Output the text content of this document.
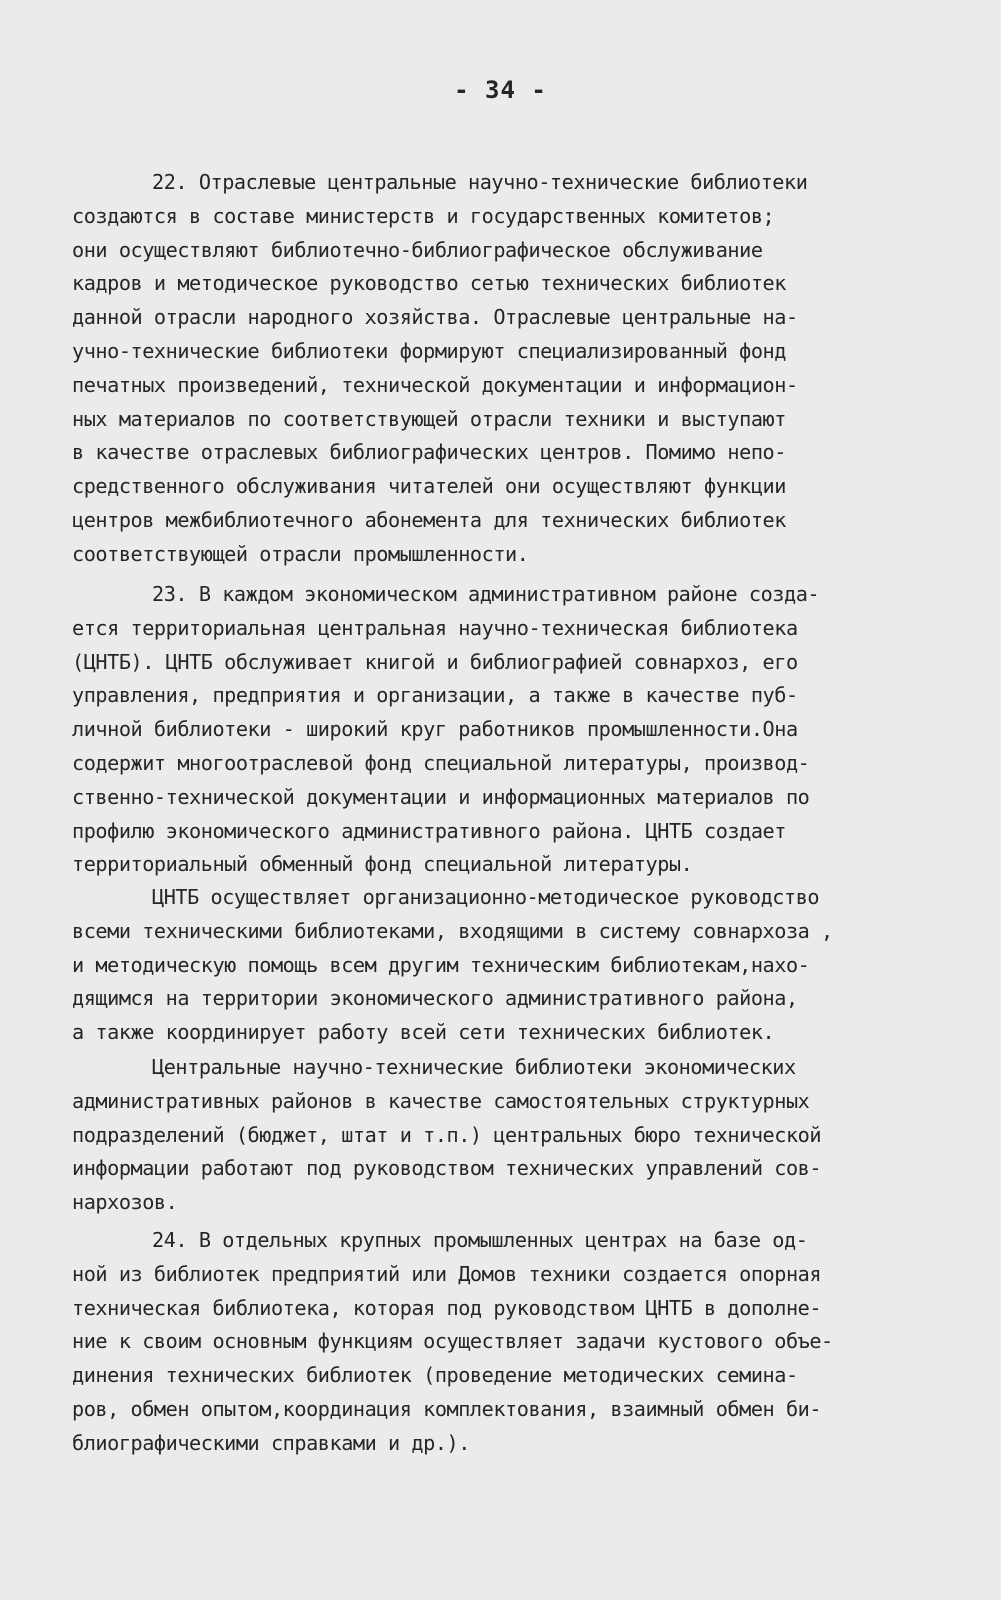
- 34 -
22. Отраслевые центральные научно-технические библиотеки
создаются в составе министерств и государственных комитетов;
они осуществляют библиотечно-библиографическое обслуживание
кадров и методическое руководство сетью технических библиотек
данной отрасли народного хозяйства. Отраслевые центральные на-
учно-технические библиотеки формируют специализированный фонд
печатных произведений, технической документации и информацион-
ных материалов по соответствующей отрасли техники и выступают
в качестве отраслевых библиографических центров. Помимо непо-
средственного обслуживания читателей они осуществляют функции
центров межбиблиотечного абонемента для технических библиотек
соответствующей отрасли промышленности.
23. В каждом экономическом административном районе созда-
ется территориальная центральная научно-техническая библиотека
(ЦНТБ). ЦНТБ обслуживает книгой и библиографией совнархоз, его
управления, предприятия и организации, а также в качестве пуб-
личной библиотеки - широкий круг работников промышленности.Она
содержит многоотраслевой фонд специальной литературы, производ-
ственно-технической документации и информационных материалов по
профилю экономического административного района. ЦНТБ создает
территориальный обменный фонд специальной литературы.
ЦНТБ осуществляет организационно-методическое руководство
всеми техническими библиотеками, входящими в систему совнархоза ,
и методическую помощь всем другим техническим библиотекам,нахо-
дящимся на территории экономического административного района,
а также координирует работу всей сети технических библиотек.
Центральные научно-технические библиотеки экономических
административных районов в качестве самостоятельных структурных
подразделений (бюджет, штат и т.п.) центральных бюро технической
информации работают под руководством технических управлений сов-
нархозов.
24. В отдельных крупных промышленных центрах на базе од-
ной из библиотек предприятий или Домов техники создается опорная
техническая библиотека, которая под руководством ЦНТБ в дополне-
ние к своим основным функциям осуществляет задачи кустового объе-
динения технических библиотек (проведение методических семина-
ров, обмен опытом,координация комплектования, взаимный обмен би-
блиографическими справками и др.).
